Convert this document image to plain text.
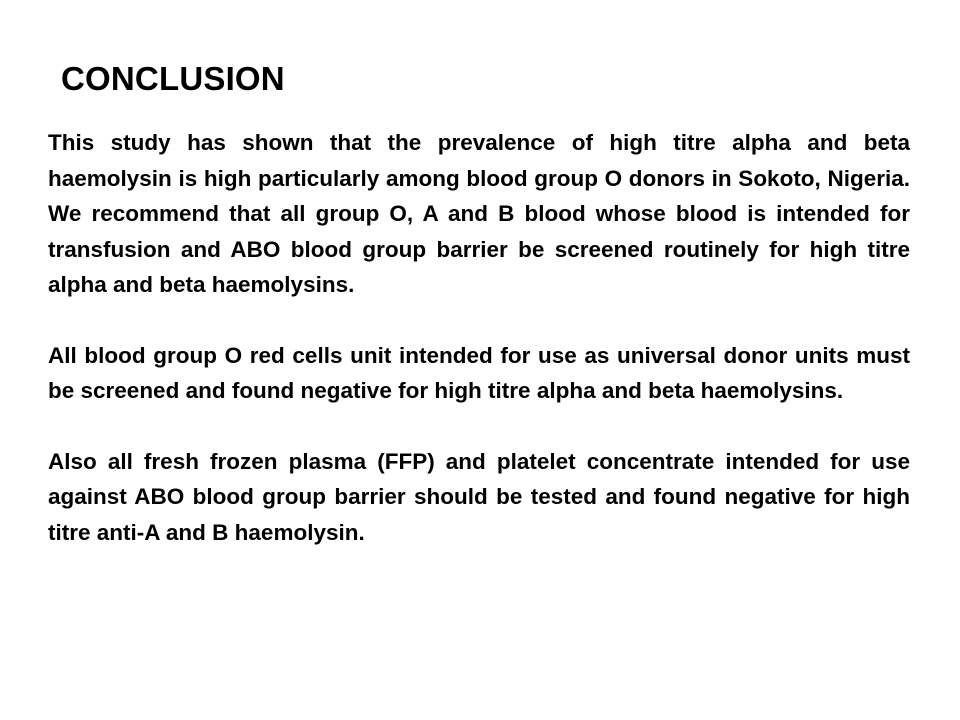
CONCLUSION

This study has shown that the prevalence of high titre alpha and beta haemolysin is high particularly among blood group O donors in Sokoto, Nigeria. We recommend that all group O, A and B blood whose blood is intended for transfusion and ABO blood group barrier be screened routinely for high titre alpha and beta haemolysins.

All blood group O red cells unit intended for use as universal donor units must be screened and found negative for high titre alpha and beta haemolysins.

Also all fresh frozen plasma (FFP) and platelet concentrate intended for use against ABO blood group barrier should be tested and found negative for high titre anti-A and B haemolysin.
